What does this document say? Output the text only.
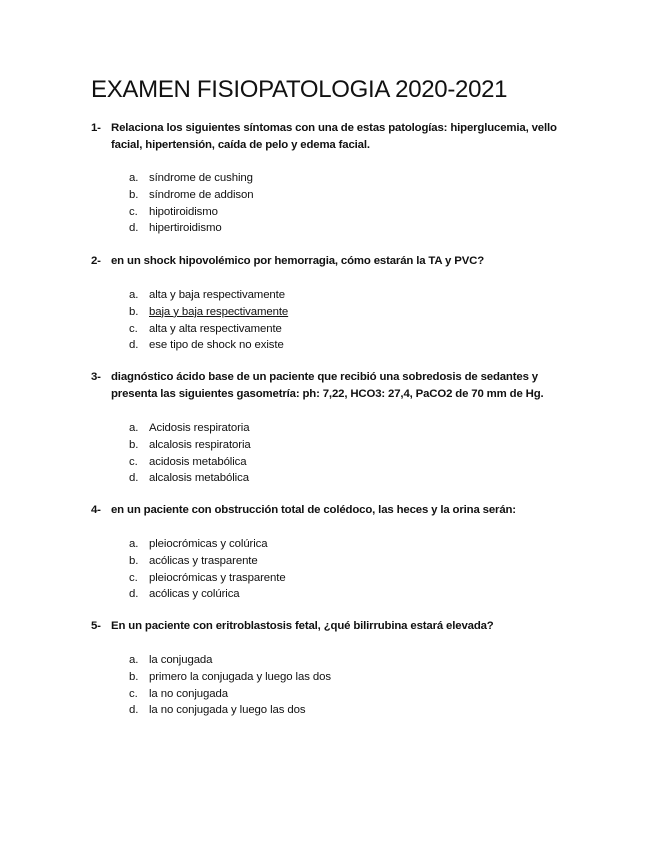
EXAMEN FISIOPATOLOGIA 2020-2021
1- Relaciona los siguientes síntomas con una de estas patologías: hiperglucemia, vello facial, hipertensión, caída de pelo y edema facial.
a. síndrome de cushing
b. síndrome de addison
c. hipotiroidismo
d. hipertiroidismo
2- en un shock hipovolémico por hemorragia, cómo estarán la TA y PVC?
a. alta y baja respectivamente
b. baja y baja respectivamente
c. alta y alta respectivamente
d. ese tipo de shock no existe
3- diagnóstico ácido base de un paciente que recibió una sobredosis de sedantes y presenta las siguientes gasometría: ph: 7,22, HCO3: 27,4, PaCO2 de 70 mm de Hg.
a. Acidosis respiratoria
b. alcalosis respiratoria
c. acidosis metabólica
d. alcalosis metabólica
4- en un paciente con obstrucción total de colédoco, las heces y la orina serán:
a. pleiocrómicas y colúrica
b. acólicas y trasparente
c. pleiocrómicas y trasparente
d. acólicas y colúrica
5- En un paciente con eritroblastosis fetal, ¿qué bilirrubina estará elevada?
a. la conjugada
b. primero la conjugada y luego las dos
c. la no conjugada
d. la no conjugada y luego las dos
